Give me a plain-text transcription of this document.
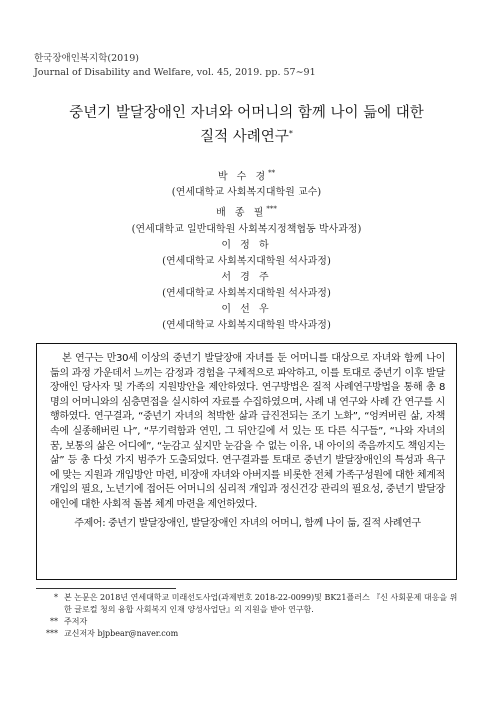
한국장애인복지학(2019)
Journal of Disability and Welfare, vol. 45, 2019. pp. 57∼91
중년기 발달장애인 자녀와 어머니의 함께 나이 듦에 대한
질적 사례연구*
박 수 경**
(연세대학교 사회복지대학원 교수)
배 종 필***
(연세대학교 일반대학원 사회복지정책협동 박사과정)
이 정 하
(연세대학교 사회복지대학원 석사과정)
서 경 주
(연세대학교 사회복지대학원 석사과정)
이 선 우
(연세대학교 사회복지대학원 박사과정)

본 연구는 만30세 이상의 중년기 발달장애 자녀를 둔 어머니를 대상으로 자녀와 함께 나이 듦의 과정 가운데서 느끼는 감정과 경험을 구체적으로 파악하고, 이를 토대로 중년기 이후 발달장애인 당사자 및 가족의 지원방안을 제안하였다. 연구방법은 질적 사례연구방법을 통해 총 8명의 어머니와의 심층면접을 실시하여 자료를 수집하였으며, 사례 내 연구와 사례 간 연구를 시행하였다. 연구결과, “중년기 자녀의 척박한 삶과 급진전되는 조기 노화”, “엉켜버린 삶, 자책 속에 실종해버린 나”, “무기력함과 연민, 그 뒤안길에 서 있는 또 다른 식구들”, “나와 자녀의 꿈, 보통의 삶은 어디에”, “눈감고 싶지만 눈감을 수 없는 이유, 내 아이의 죽음까지도 책임지는 삶” 등 총 다섯 가지 범주가 도출되었다. 연구결과를 토대로 중년기 발달장애인의 특성과 욕구에 맞는 지원과 개입방안 마련, 비장애 자녀와 아버지를 비롯한 전체 가족구성원에 대한 체계적 개입의 필요, 노년기에 접어든 어머니의 심리적 개입과 정신건강 관리의 필요성, 중년기 발달장애인에 대한 사회적 돌봄 체계 마련을 제언하였다.

주제어: 중년기 발달장애인, 발달장애인 자녀의 어머니, 함께 나이 듦, 질적 사례연구
* 본 논문은 2018년 연세대학교 미래선도사업(과제번호 2018-22-0099)및 BK21플러스 『신 사회문제 대응을 위한 글로컬 청의 융합 사회복지 인재 양성사업단』의 지원을 받아 연구함.
** 주저자
*** 교신저자 bjpbear@naver.com
